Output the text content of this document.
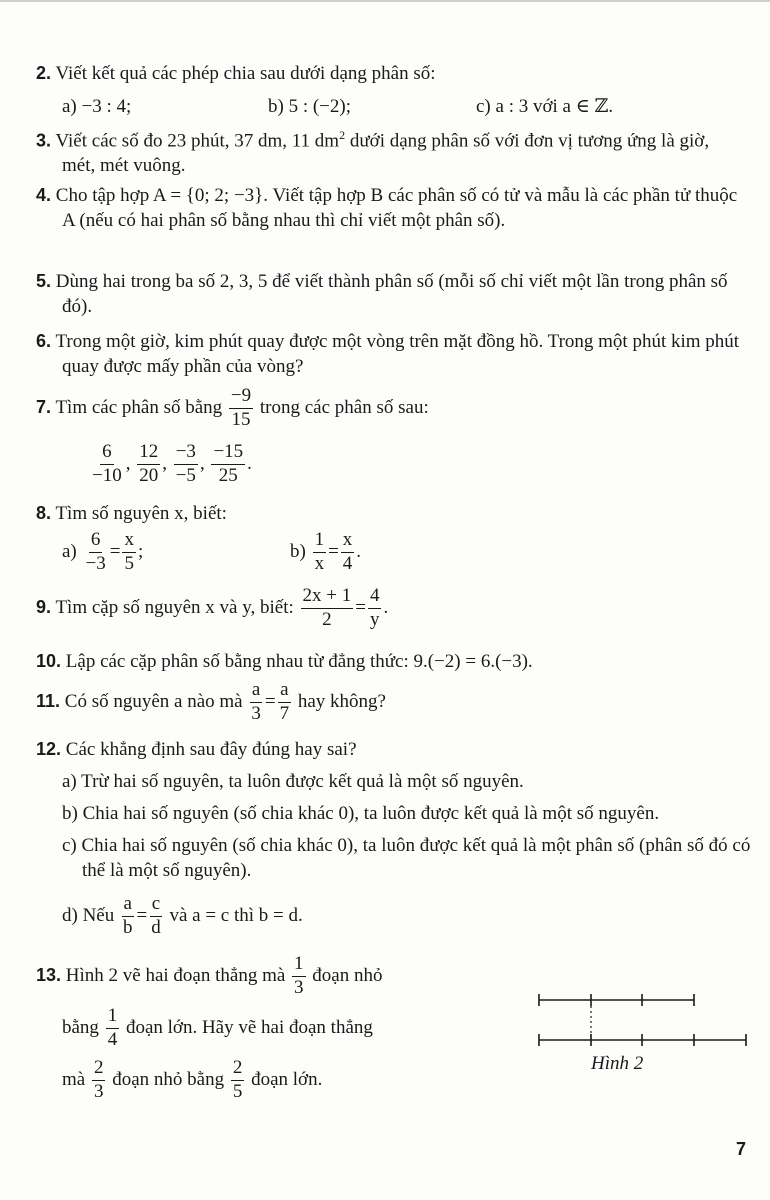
2. Viết kết quả các phép chia sau dưới dạng phân số:
a) −3 : 4;	b) 5 : (−2);	c) a : 3 với a ∈ ℤ.
3. Viết các số đo 23 phút, 37 dm, 11 $dm^2$ dưới dạng phân số với đơn vị tương ứng là giờ, mét, mét vuông.
4. Cho tập hợp A = {0; 2; −3}. Viết tập hợp B các phân số có tử và mẫu là các phần tử thuộc A (nếu có hai phân số bằng nhau thì chỉ viết một phân số).
5. Dùng hai trong ba số 2, 3, 5 để viết thành phân số (mỗi số chỉ viết một lần trong phân số đó).
6. Trong một giờ, kim phút quay được một vòng trên mặt đồng hồ. Trong một phút kim phút quay được mấy phần của vòng?
7. Tìm các phân số bằng $\frac{-9}{15}$ trong các phân số sau:
$\frac{6}{-10}$ , $\frac{12}{20}$ , $\frac{-3}{-5}$ , $\frac{-15}{25}$ .
8. Tìm số nguyên x, biết:
$a) \frac{6}{-3} = \frac{x}{5}$ ;	$b) \frac{1}{x} = \frac{x}{4}$ .
9. Tìm cặp số nguyên x và y, biết: $\frac{2x + 1}{2} = \frac{4}{y}$ .
10. Lập các cặp phân số bằng nhau từ đẳng thức: 9.(−2) = 6.(−3).
11. Có số nguyên a nào mà $\frac{a}{3} = \frac{a}{7}$ hay không?
12. Các khẳng định sau đây đúng hay sai?
a) Trừ hai số nguyên, ta luôn được kết quả là một số nguyên.
b) Chia hai số nguyên (số chia khác 0), ta luôn được kết quả là một số nguyên.
c) Chia hai số nguyên (số chia khác 0), ta luôn được kết quả là một phân số (phân số đó có thể là một số nguyên).
d) Nếu $\frac{a}{b} = \frac{c}{d}$ và a = c thì b = d.
13. Hình 2 vẽ hai đoạn thẳng mà $\frac{1}{3}$ đoạn nhỏ
bằng $\frac{1}{4}$ đoạn lớn. Hãy vẽ hai đoạn thẳng
mà $\frac{2}{3}$ đoạn nhỏ bằng $\frac{2}{5}$ đoạn lớn.
Hình 2
7
